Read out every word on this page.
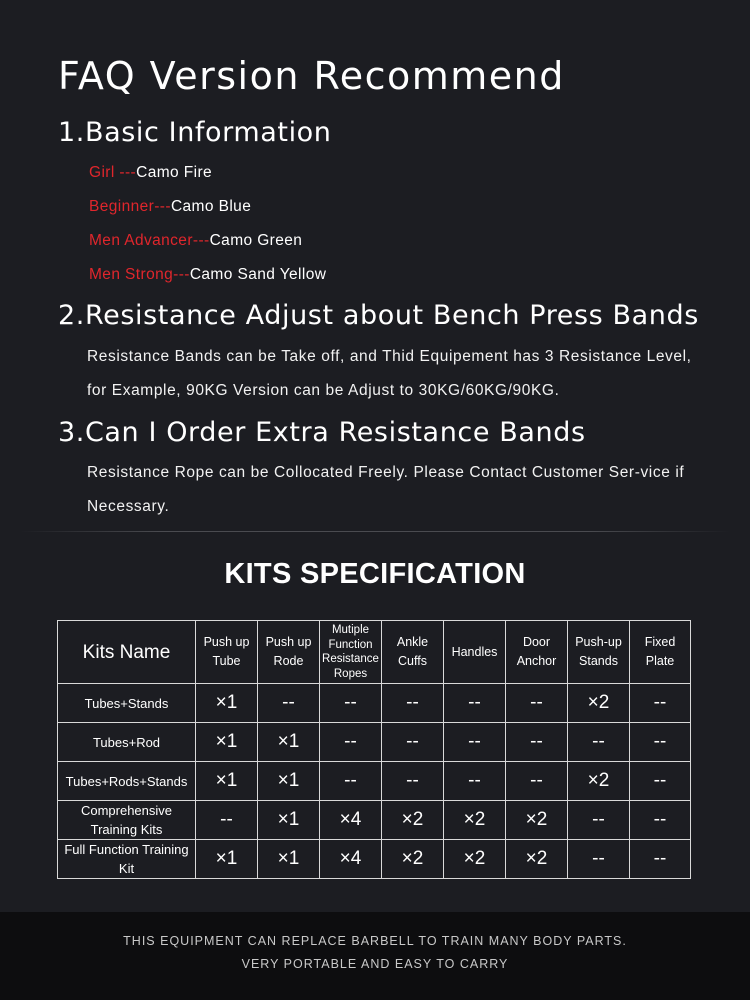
FAQ Version Recommend
1.Basic Information
Girl ---Camo Fire
Beginner---Camo Blue
Men Advancer---Camo Green
Men Strong---Camo Sand Yellow
2.Resistance Adjust about Bench Press Bands
Resistance Bands can be Take off, and Thid Equipement has 3 Resistance Level, for Example, 90KG Version can be Adjust to 30KG/60KG/90KG.
3.Can I Order Extra Resistance Bands
Resistance Rope can be Collocated Freely. Please Contact Customer Ser-vice if Necessary.
KITS SPECIFICATION
Kits Name	Push up Tube	Push up Rode	Mutiple Function Resistance Ropes	Ankle Cuffs	Handles	Door Anchor	Push-up Stands	Fixed Plate
Tubes+Stands	×1	--	--	--	--	--	×2	--
Tubes+Rod	×1	×1	--	--	--	--	--	--
Tubes+Rods+Stands	×1	×1	--	--	--	--	×2	--
Comprehensive Training Kits	--	×1	×4	×2	×2	×2	--	--
Full Function Training Kit	×1	×1	×4	×2	×2	×2	--	--
THIS EQUIPMENT CAN REPLACE BARBELL TO TRAIN MANY BODY PARTS.
VERY PORTABLE AND EASY TO CARRY
